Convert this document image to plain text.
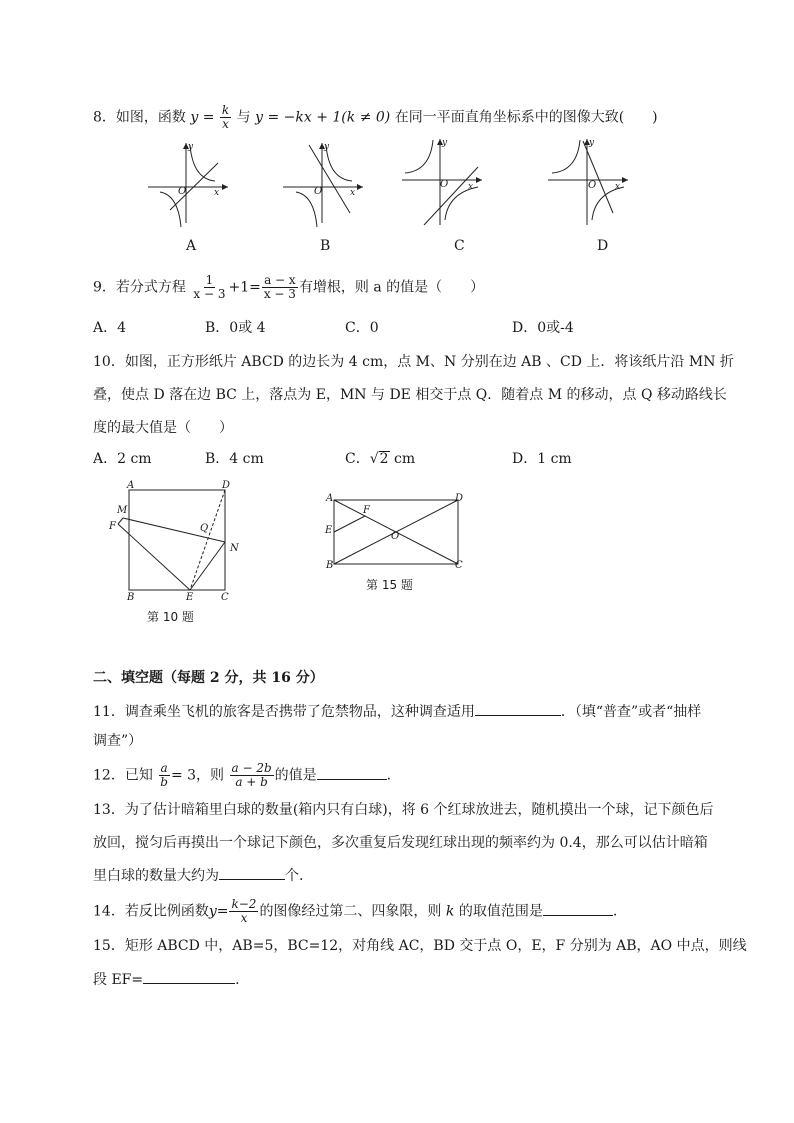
8．如图，函数 $y = \frac{k}{x}$ 与 y = −kx + 1(k ≠ 0) 在同一平面直角坐标系中的图像大致(　　)
y
x
O
y
x
O
y
x
O
y
x
O
A	B	C	D
9．若分式方程 $\frac{1}{x - 3} +1= \frac{a - x}{x - 3}$ 有增根，则 a 的值是（　　）
A．4	B．0或 4	C．0	D．0或-4
10．如图，正方形纸片 ABCD 的边长为 4 cm，点 M、N 分别在边 AB 、CD 上．将该纸片沿 MN 折
叠，使点 D 落在边 BC 上，落点为 E，MN 与 DE 相交于点 Q．随着点 M 的移动，点 Q 移动路线长
度的最大值是（　　）
A．2 cm	B．4 cm	C．√2 cm	D．1 cm
A	D
M
F	Q
N
B	E	C
第 10 题
A	D
F
E
O
B	C
第 15 题
二、填空题（每题 2 分，共 16 分）
11．调查乘坐飞机的旅客是否携带了危禁物品，这种调查适用	．（填“普查”或者“抽样
调查”）
12．已知 $\frac{a}{b} = 3$，则 $\frac{a - 2b}{a + b}$ 的值是	.
13．为了估计暗箱里白球的数量(箱内只有白球)，将 6 个红球放进去，随机摸出一个球，记下颜色后
放回，搅匀后再摸出一个球记下颜色，多次重复后发现红球出现的频率约为 0.4，那么可以估计暗箱
里白球的数量大约为	个.
14．若反比例函数$y= \frac{k-2}{x}$ 的图像经过第二、四象限，则 k 的取值范围是	.
15．矩形 ABCD 中，AB=5，BC=12，对角线 AC，BD 交于点 O，E，F 分别为 AB，AO 中点，则线
段 EF=	.
